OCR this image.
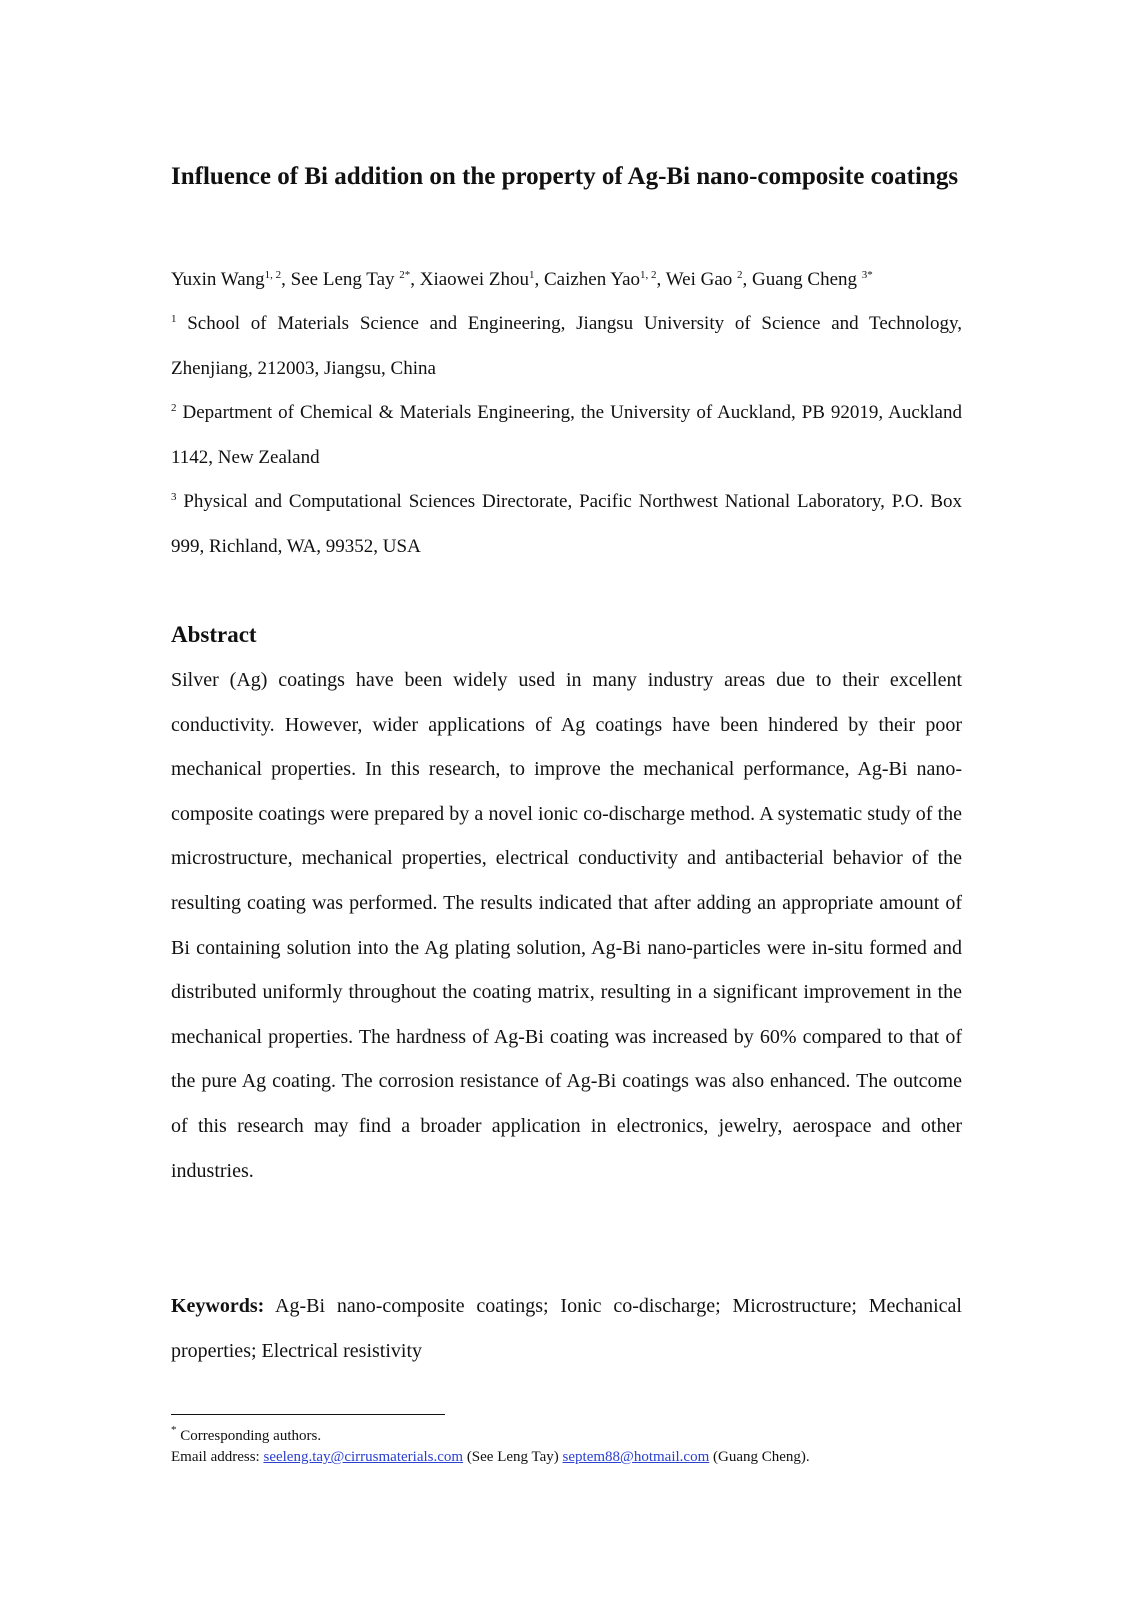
Influence of Bi addition on the property of Ag-Bi nano-composite coatings
Yuxin Wang$^{1, 2}$, See Leng Tay $^{2*}$, Xiaowei Zhou$^1$, Caizhen Yao$^{1, 2}$, Wei Gao $^2$, Guang Cheng $^{3*}$

$^1$ School of Materials Science and Engineering, Jiangsu University of Science and Technology, Zhenjiang, 212003, Jiangsu, China

$^2$ Department of Chemical & Materials Engineering, the University of Auckland, PB 92019, Auckland 1142, New Zealand

$^3$ Physical and Computational Sciences Directorate, Pacific Northwest National Laboratory, P.O. Box 999, Richland, WA, 99352, USA

Abstract

Silver (Ag) coatings have been widely used in many industry areas due to their excellent conductivity. However, wider applications of Ag coatings have been hindered by their poor mechanical properties. In this research, to improve the mechanical performance, Ag-Bi nano-composite coatings were prepared by a novel ionic co-discharge method. A systematic study of the microstructure, mechanical properties, electrical conductivity and antibacterial behavior of the resulting coating was performed. The results indicated that after adding an appropriate amount of Bi containing solution into the Ag plating solution, Ag-Bi nano-particles were in-situ formed and distributed uniformly throughout the coating matrix, resulting in a significant improvement in the mechanical properties. The hardness of Ag-Bi coating was increased by 60% compared to that of the pure Ag coating. The corrosion resistance of Ag-Bi coatings was also enhanced. The outcome of this research may find a broader application in electronics, jewelry, aerospace and other industries.

Keywords: Ag-Bi nano-composite coatings; Ionic co-discharge; Microstructure; Mechanical properties; Electrical resistivity

* Corresponding authors.
Email address: seeleng.tay@cirrusmaterials.com (See Leng Tay) septem88@hotmail.com (Guang Cheng).
